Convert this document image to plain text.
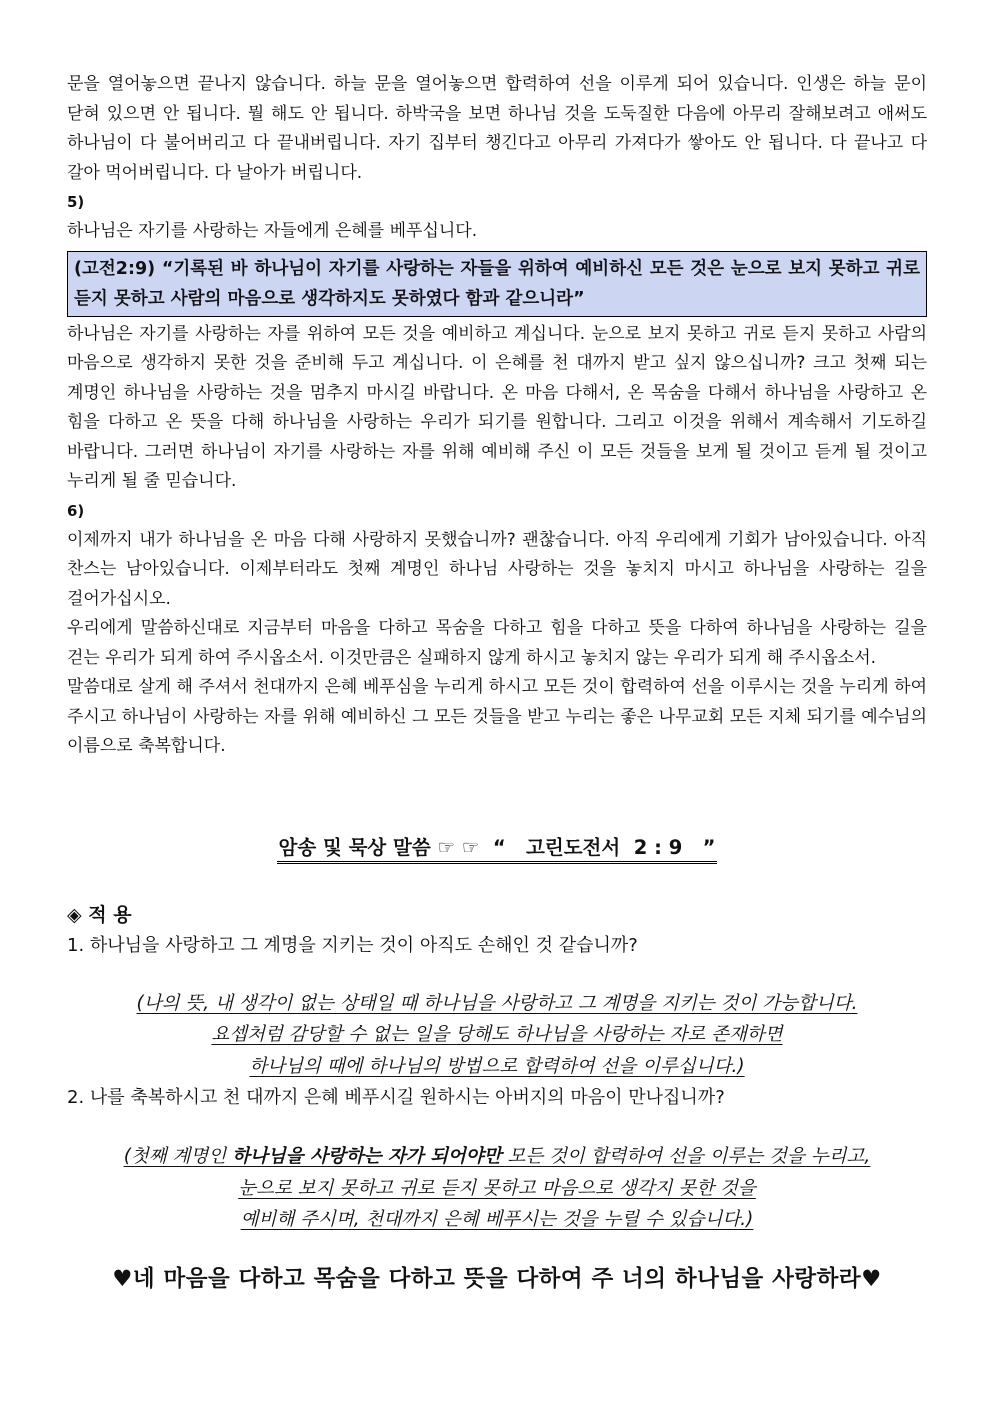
문을 열어놓으면 끝나지 않습니다. 하늘 문을 열어놓으면 합력하여 선을 이루게 되어 있습니다. 인생은 하늘 문이 닫혀 있으면 안 됩니다. 뭘 해도 안 됩니다. 하박국을 보면 하나님 것을 도둑질한 다음에 아무리 잘해보려고 애써도 하나님이 다 불어버리고 다 끝내버립니다. 자기 집부터 챙긴다고 아무리 가져다가 쌓아도 안 됩니다. 다 끝나고 다 갈아 먹어버립니다. 다 날아가 버립니다.

5)

하나님은 자기를 사랑하는 자들에게 은혜를 베푸십니다.

(고전2:9) “기록된 바 하나님이 자기를 사랑하는 자들을 위하여 예비하신 모든 것은 눈으로 보지 못하고 귀로 듣지 못하고 사람의 마음으로 생각하지도 못하였다 함과 같으니라”

하나님은 자기를 사랑하는 자를 위하여 모든 것을 예비하고 계십니다. 눈으로 보지 못하고 귀로 듣지 못하고 사람의 마음으로 생각하지 못한 것을 준비해 두고 계십니다. 이 은혜를 천 대까지 받고 싶지 않으십니까? 크고 첫째 되는 계명인 하나님을 사랑하는 것을 멈추지 마시길 바랍니다. 온 마음 다해서, 온 목숨을 다해서 하나님을 사랑하고 온 힘을 다하고 온 뜻을 다해 하나님을 사랑하는 우리가 되기를 원합니다. 그리고 이것을 위해서 계속해서 기도하길 바랍니다. 그러면 하나님이 자기를 사랑하는 자를 위해 예비해 주신 이 모든 것들을 보게 될 것이고 듣게 될 것이고 누리게 될 줄 믿습니다.

6)

이제까지 내가 하나님을 온 마음 다해 사랑하지 못했습니까? 괜찮습니다. 아직 우리에게 기회가 남아있습니다. 아직 찬스는 남아있습니다. 이제부터라도 첫째 계명인 하나님 사랑하는 것을 놓치지 마시고 하나님을 사랑하는 길을 걸어가십시오.

우리에게 말씀하신대로 지금부터 마음을 다하고 목숨을 다하고 힘을 다하고 뜻을 다하여 하나님을 사랑하는 길을 걷는 우리가 되게 하여 주시옵소서. 이것만큼은 실패하지 않게 하시고 놓치지 않는 우리가 되게 해 주시옵소서.

말씀대로 살게 해 주셔서 천대까지 은혜 베푸심을 누리게 하시고 모든 것이 합력하여 선을 이루시는 것을 누리게 하여 주시고 하나님이 사랑하는 자를 위해 예비하신 그 모든 것들을 받고 누리는 좋은 나무교회 모든 지체 되기를 예수님의 이름으로 축복합니다.

암송 및 묵상 말씀 ☞ ☞  “   고린도전서  2 : 9   ”
◈ 적 용

1. 하나님을 사랑하고 그 계명을 지키는 것이 아직도 손해인 것 같습니까?

(나의 뜻, 내 생각이 없는 상태일 때 하나님을 사랑하고 그 계명을 지키는 것이 가능합니다.
요셉처럼 감당할 수 없는 일을 당해도 하나님을 사랑하는 자로 존재하면
하나님의 때에 하나님의 방법으로 합력하여 선을 이루십니다.)

2. 나를 축복하시고 천 대까지 은혜 베푸시길 원하시는 아버지의 마음이 만나집니까?

(첫째 계명인 하나님을 사랑하는 자가 되어야만 모든 것이 합력하여 선을 이루는 것을 누리고,
눈으로 보지 못하고 귀로 듣지 못하고 마음으로 생각지 못한 것을
예비해 주시며, 천대까지 은혜 베푸시는 것을 누릴 수 있습니다.)
♥네 마음을 다하고 목숨을 다하고 뜻을 다하여 주 너의 하나님을 사랑하라♥
